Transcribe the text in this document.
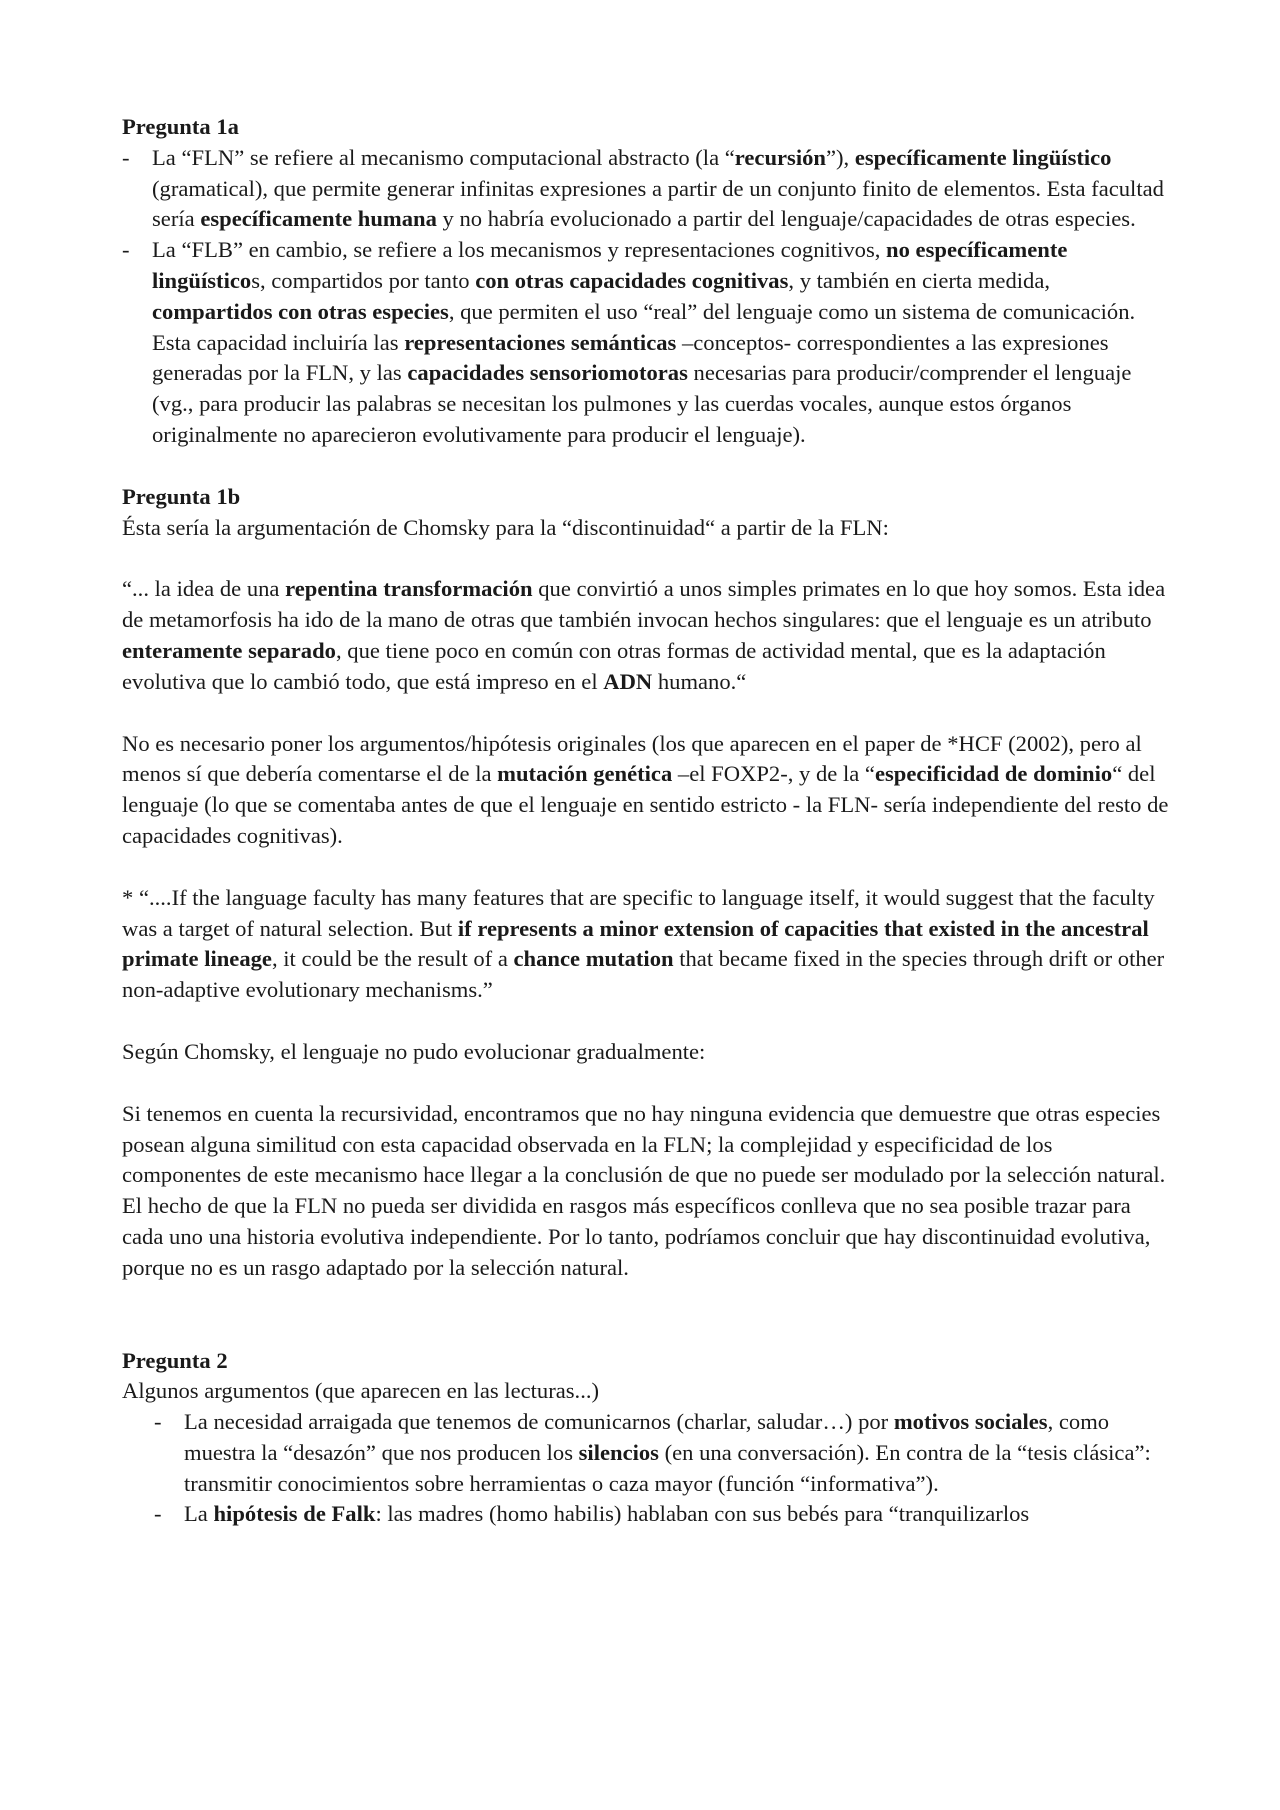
Pregunta 1a

- La “FLN” se refiere al mecanismo computacional abstracto (la “recursión”), específicamente lingüístico (gramatical), que permite generar infinitas expresiones a partir de un conjunto finito de elementos. Esta facultad sería específicamente humana y no habría evolucionado a partir del lenguaje/capacidades de otras especies.
- La “FLB” en cambio, se refiere a los mecanismos y representaciones cognitivos, no específicamente lingüísticos, compartidos por tanto con otras capacidades cognitivas, y también en cierta medida, compartidos con otras especies, que permiten el uso “real” del lenguaje como un sistema de comunicación. Esta capacidad incluiría las representaciones semánticas –conceptos- correspondientes a las expresiones generadas por la FLN, y las capacidades sensoriomotoras necesarias para producir/comprender el lenguaje (vg., para producir las palabras se necesitan los pulmones y las cuerdas vocales, aunque estos órganos originalmente no aparecieron evolutivamente para producir el lenguaje).

Pregunta 1b

Ésta sería la argumentación de Chomsky para la “discontinuidad“ a partir de la FLN:

“... la idea de una repentina transformación que convirtió a unos simples primates en lo que hoy somos. Esta idea de metamorfosis ha ido de la mano de otras que también invocan hechos singulares: que el lenguaje es un atributo enteramente separado, que tiene poco en común con otras formas de actividad mental, que es la adaptación evolutiva que lo cambió todo, que está impreso en el ADN humano.“

No es necesario poner los argumentos/hipótesis originales (los que aparecen en el paper de *HCF (2002), pero al menos sí que debería comentarse el de la mutación genética –el FOXP2-, y de la “especificidad de dominio“ del lenguaje (lo que se comentaba antes de que el lenguaje en sentido estricto - la FLN- sería independiente del resto de capacidades cognitivas).

* “....If the language faculty has many features that are specific to language itself, it would suggest that the faculty was a target of natural selection. But if represents a minor extension of capacities that existed in the ancestral primate lineage, it could be the result of a chance mutation that became fixed in the species through drift or other non-adaptive evolutionary mechanisms.”

Según Chomsky, el lenguaje no pudo evolucionar gradualmente:

Si tenemos en cuenta la recursividad, encontramos que no hay ninguna evidencia que demuestre que otras especies posean alguna similitud con esta capacidad observada en la FLN; la complejidad y especificidad de los componentes de este mecanismo hace llegar a la conclusión de que no puede ser modulado por la selección natural. El hecho de que la FLN no pueda ser dividida en rasgos más específicos conlleva que no sea posible trazar para cada uno una historia evolutiva independiente. Por lo tanto, podríamos concluir que hay discontinuidad evolutiva, porque no es un rasgo adaptado por la selección natural.

Pregunta 2

Algunos argumentos (que aparecen en las lecturas...)

- La necesidad arraigada que tenemos de comunicarnos (charlar, saludar…) por motivos sociales, como muestra la “desazón” que nos producen los silencios (en una conversación). En contra de la “tesis clásica”: transmitir conocimientos sobre herramientas o caza mayor (función “informativa”).
- La hipótesis de Falk: las madres (homo habilis) hablaban con sus bebés para “tranquilizarlos
